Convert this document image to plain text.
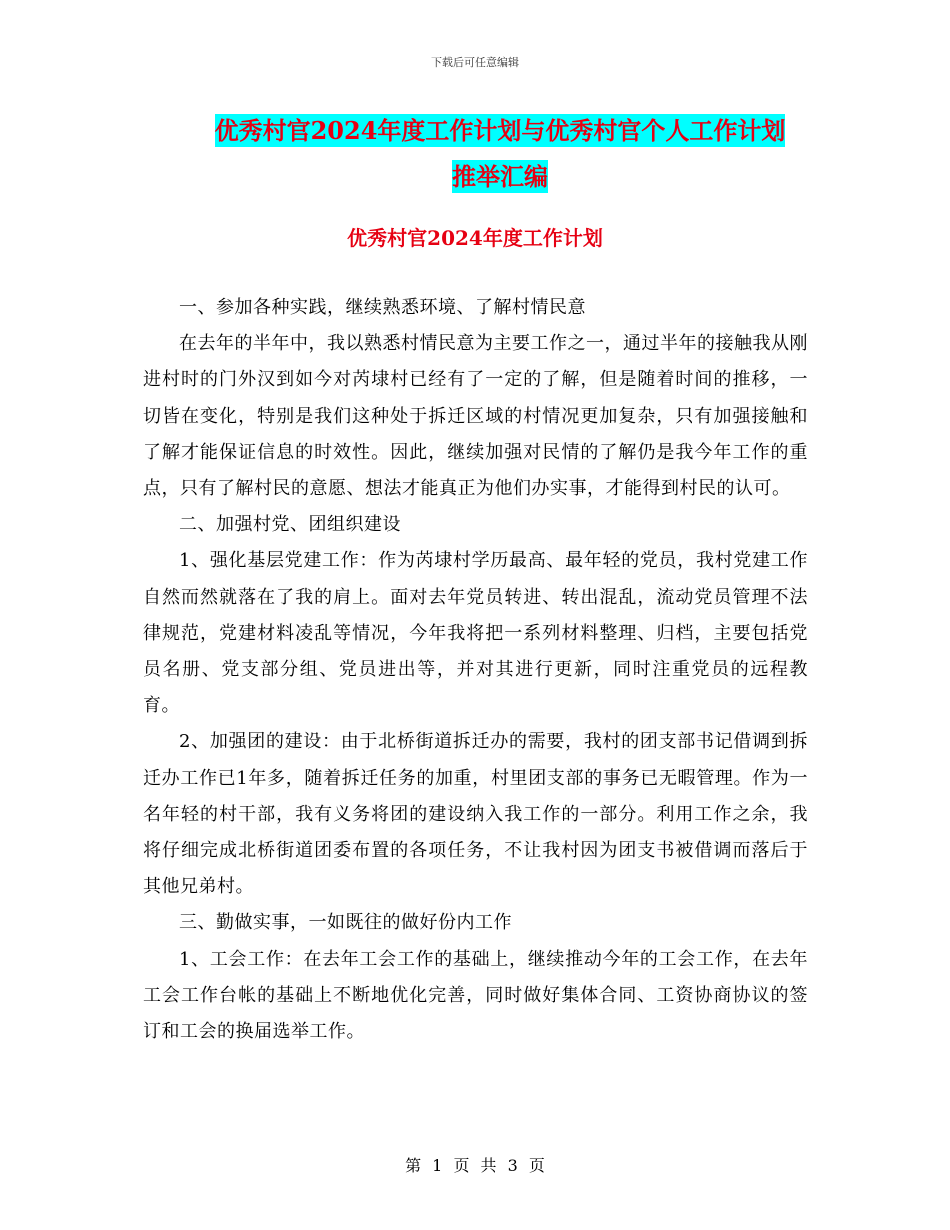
下载后可任意编辑
优秀村官2024年度工作计划与优秀村官个人工作计划
推举汇编
优秀村官2024年度工作计划

一、参加各种实践，继续熟悉环境、了解村情民意

在去年的半年中，我以熟悉村情民意为主要工作之一，通过半年的接触我从刚进村时的门外汉到如今对芮埭村已经有了一定的了解，但是随着时间的推移，一切皆在变化，特别是我们这种处于拆迁区域的村情况更加复杂，只有加强接触和了解才能保证信息的时效性。因此，继续加强对民情的了解仍是我今年工作的重点，只有了解村民的意愿、想法才能真正为他们办实事，才能得到村民的认可。

二、加强村党、团组织建设

1、强化基层党建工作：作为芮埭村学历最高、最年轻的党员，我村党建工作自然而然就落在了我的肩上。面对去年党员转进、转出混乱，流动党员管理不法律规范，党建材料凌乱等情况，今年我将把一系列材料整理、归档，主要包括党员名册、党支部分组、党员进出等，并对其进行更新，同时注重党员的远程教育。

2、加强团的建设：由于北桥街道拆迁办的需要，我村的团支部书记借调到拆迁办工作已1年多，随着拆迁任务的加重，村里团支部的事务已无暇管理。作为一名年轻的村干部，我有义务将团的建设纳入我工作的一部分。利用工作之余，我将仔细完成北桥街道团委布置的各项任务，不让我村因为团支书被借调而落后于其他兄弟村。

三、勤做实事，一如既往的做好份内工作

1、工会工作：在去年工会工作的基础上，继续推动今年的工会工作，在去年工会工作台帐的基础上不断地优化完善，同时做好集体合同、工资协商协议的签订和工会的换届选举工作。

第 1 页 共 3 页
